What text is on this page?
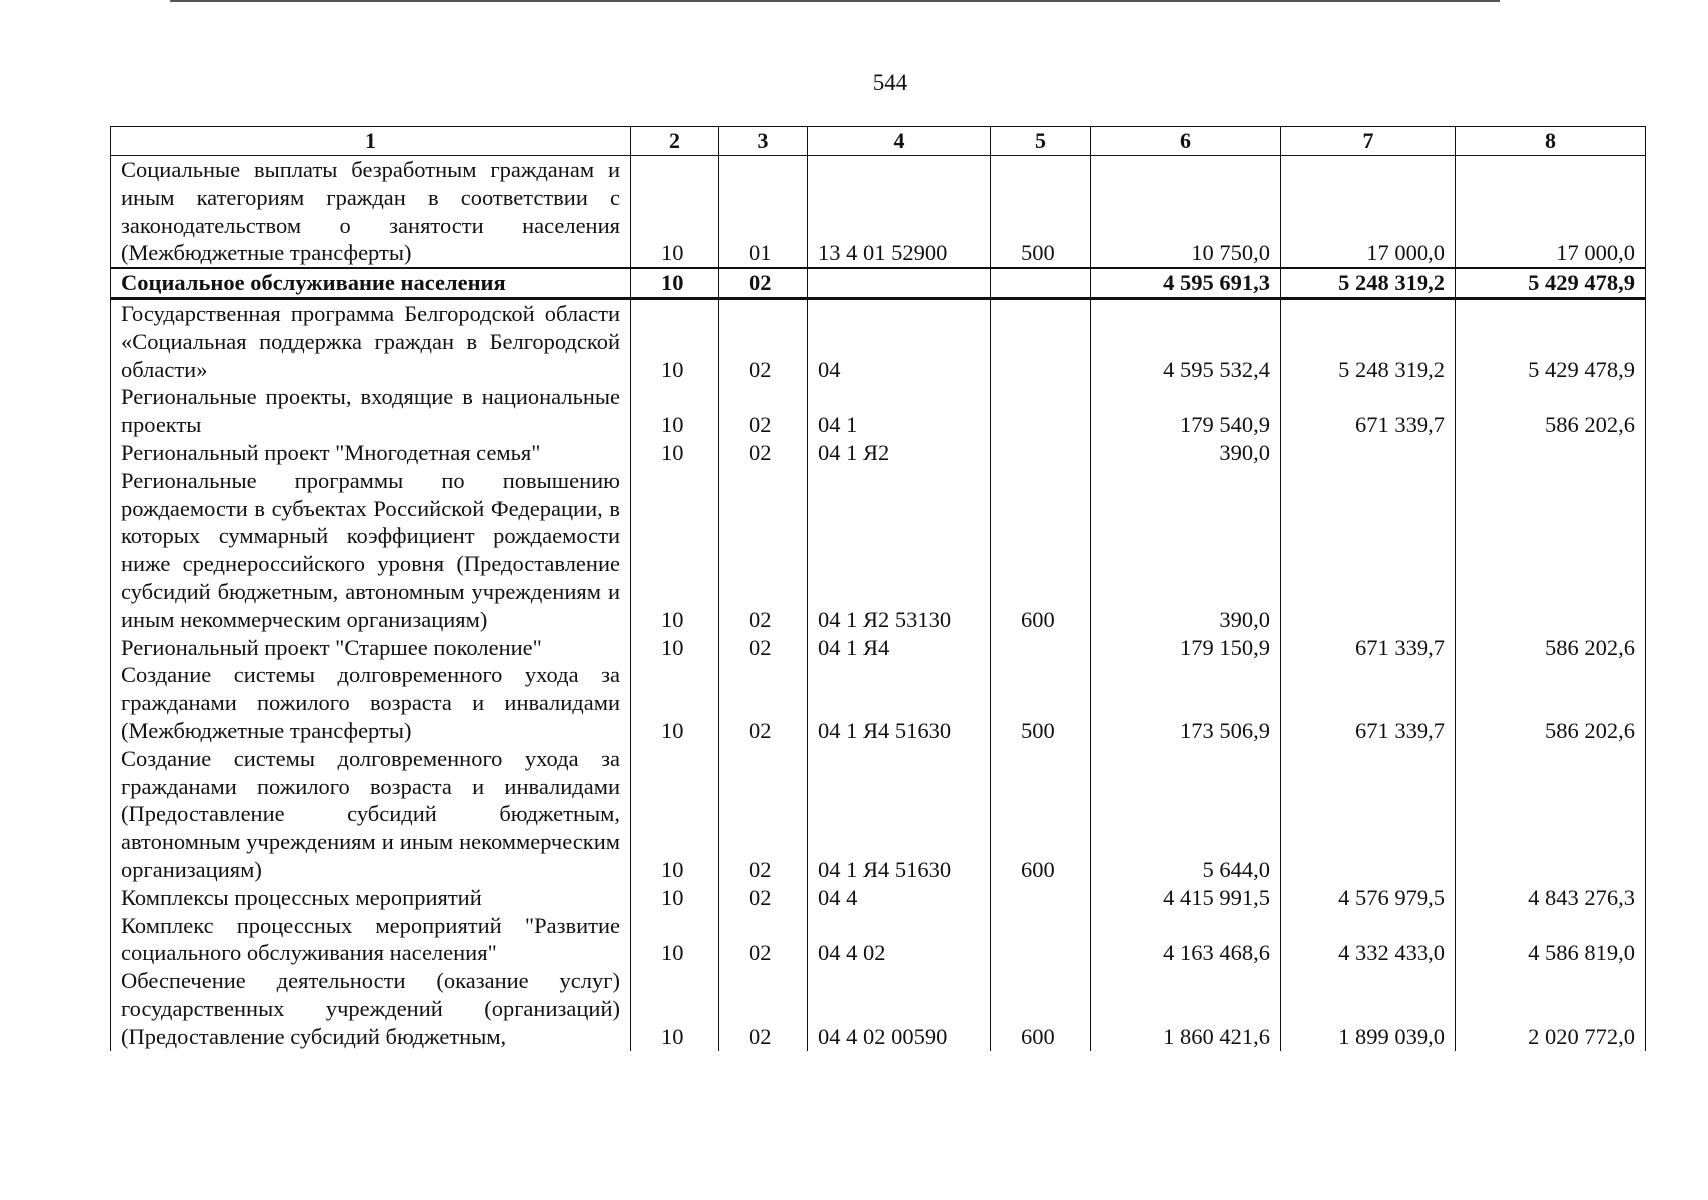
544
1	2	3	4	5	6	7	8
Социальные выплаты безработным гражданам и иным категориям граждан в соответствии с законодательством о занятости населения (Межбюджетные трансферты)	10	01	13 4 01 52900	500	10 750,0	17 000,0	17 000,0
Социальное обслуживание населения	10	02			4 595 691,3	5 248 319,2	5 429 478,9
Государственная программа Белгородской области «Социальная поддержка граждан в Белгородской области»	10	02	04		4 595 532,4	5 248 319,2	5 429 478,9
Региональные проекты, входящие в национальные проекты	10	02	04 1		179 540,9	671 339,7	586 202,6
Региональный проект "Многодетная семья"	10	02	04 1 Я2		390,0		
Региональные программы по повышению рождаемости в субъектах Российской Федерации, в которых суммарный коэффициент рождаемости ниже среднероссийского уровня (Предоставление субсидий бюджетным, автономным учреждениям и иным некоммерческим организациям)	10	02	04 1 Я2 53130	600	390,0		
Региональный проект "Старшее поколение"	10	02	04 1 Я4		179 150,9	671 339,7	586 202,6
Создание системы долговременного ухода за гражданами пожилого возраста и инвалидами (Межбюджетные трансферты)	10	02	04 1 Я4 51630	500	173 506,9	671 339,7	586 202,6
Создание системы долговременного ухода за гражданами пожилого возраста и инвалидами (Предоставление субсидий бюджетным, автономным учреждениям и иным некоммерческим организациям)	10	02	04 1 Я4 51630	600	5 644,0		
Комплексы процессных мероприятий	10	02	04 4		4 415 991,5	4 576 979,5	4 843 276,3
Комплекс процессных мероприятий "Развитие социального обслуживания населения"	10	02	04 4 02		4 163 468,6	4 332 433,0	4 586 819,0
Обеспечение деятельности (оказание услуг) государственных учреждений (организаций) (Предоставление субсидий бюджетным,	10	02	04 4 02 00590	600	1 860 421,6	1 899 039,0	2 020 772,0
